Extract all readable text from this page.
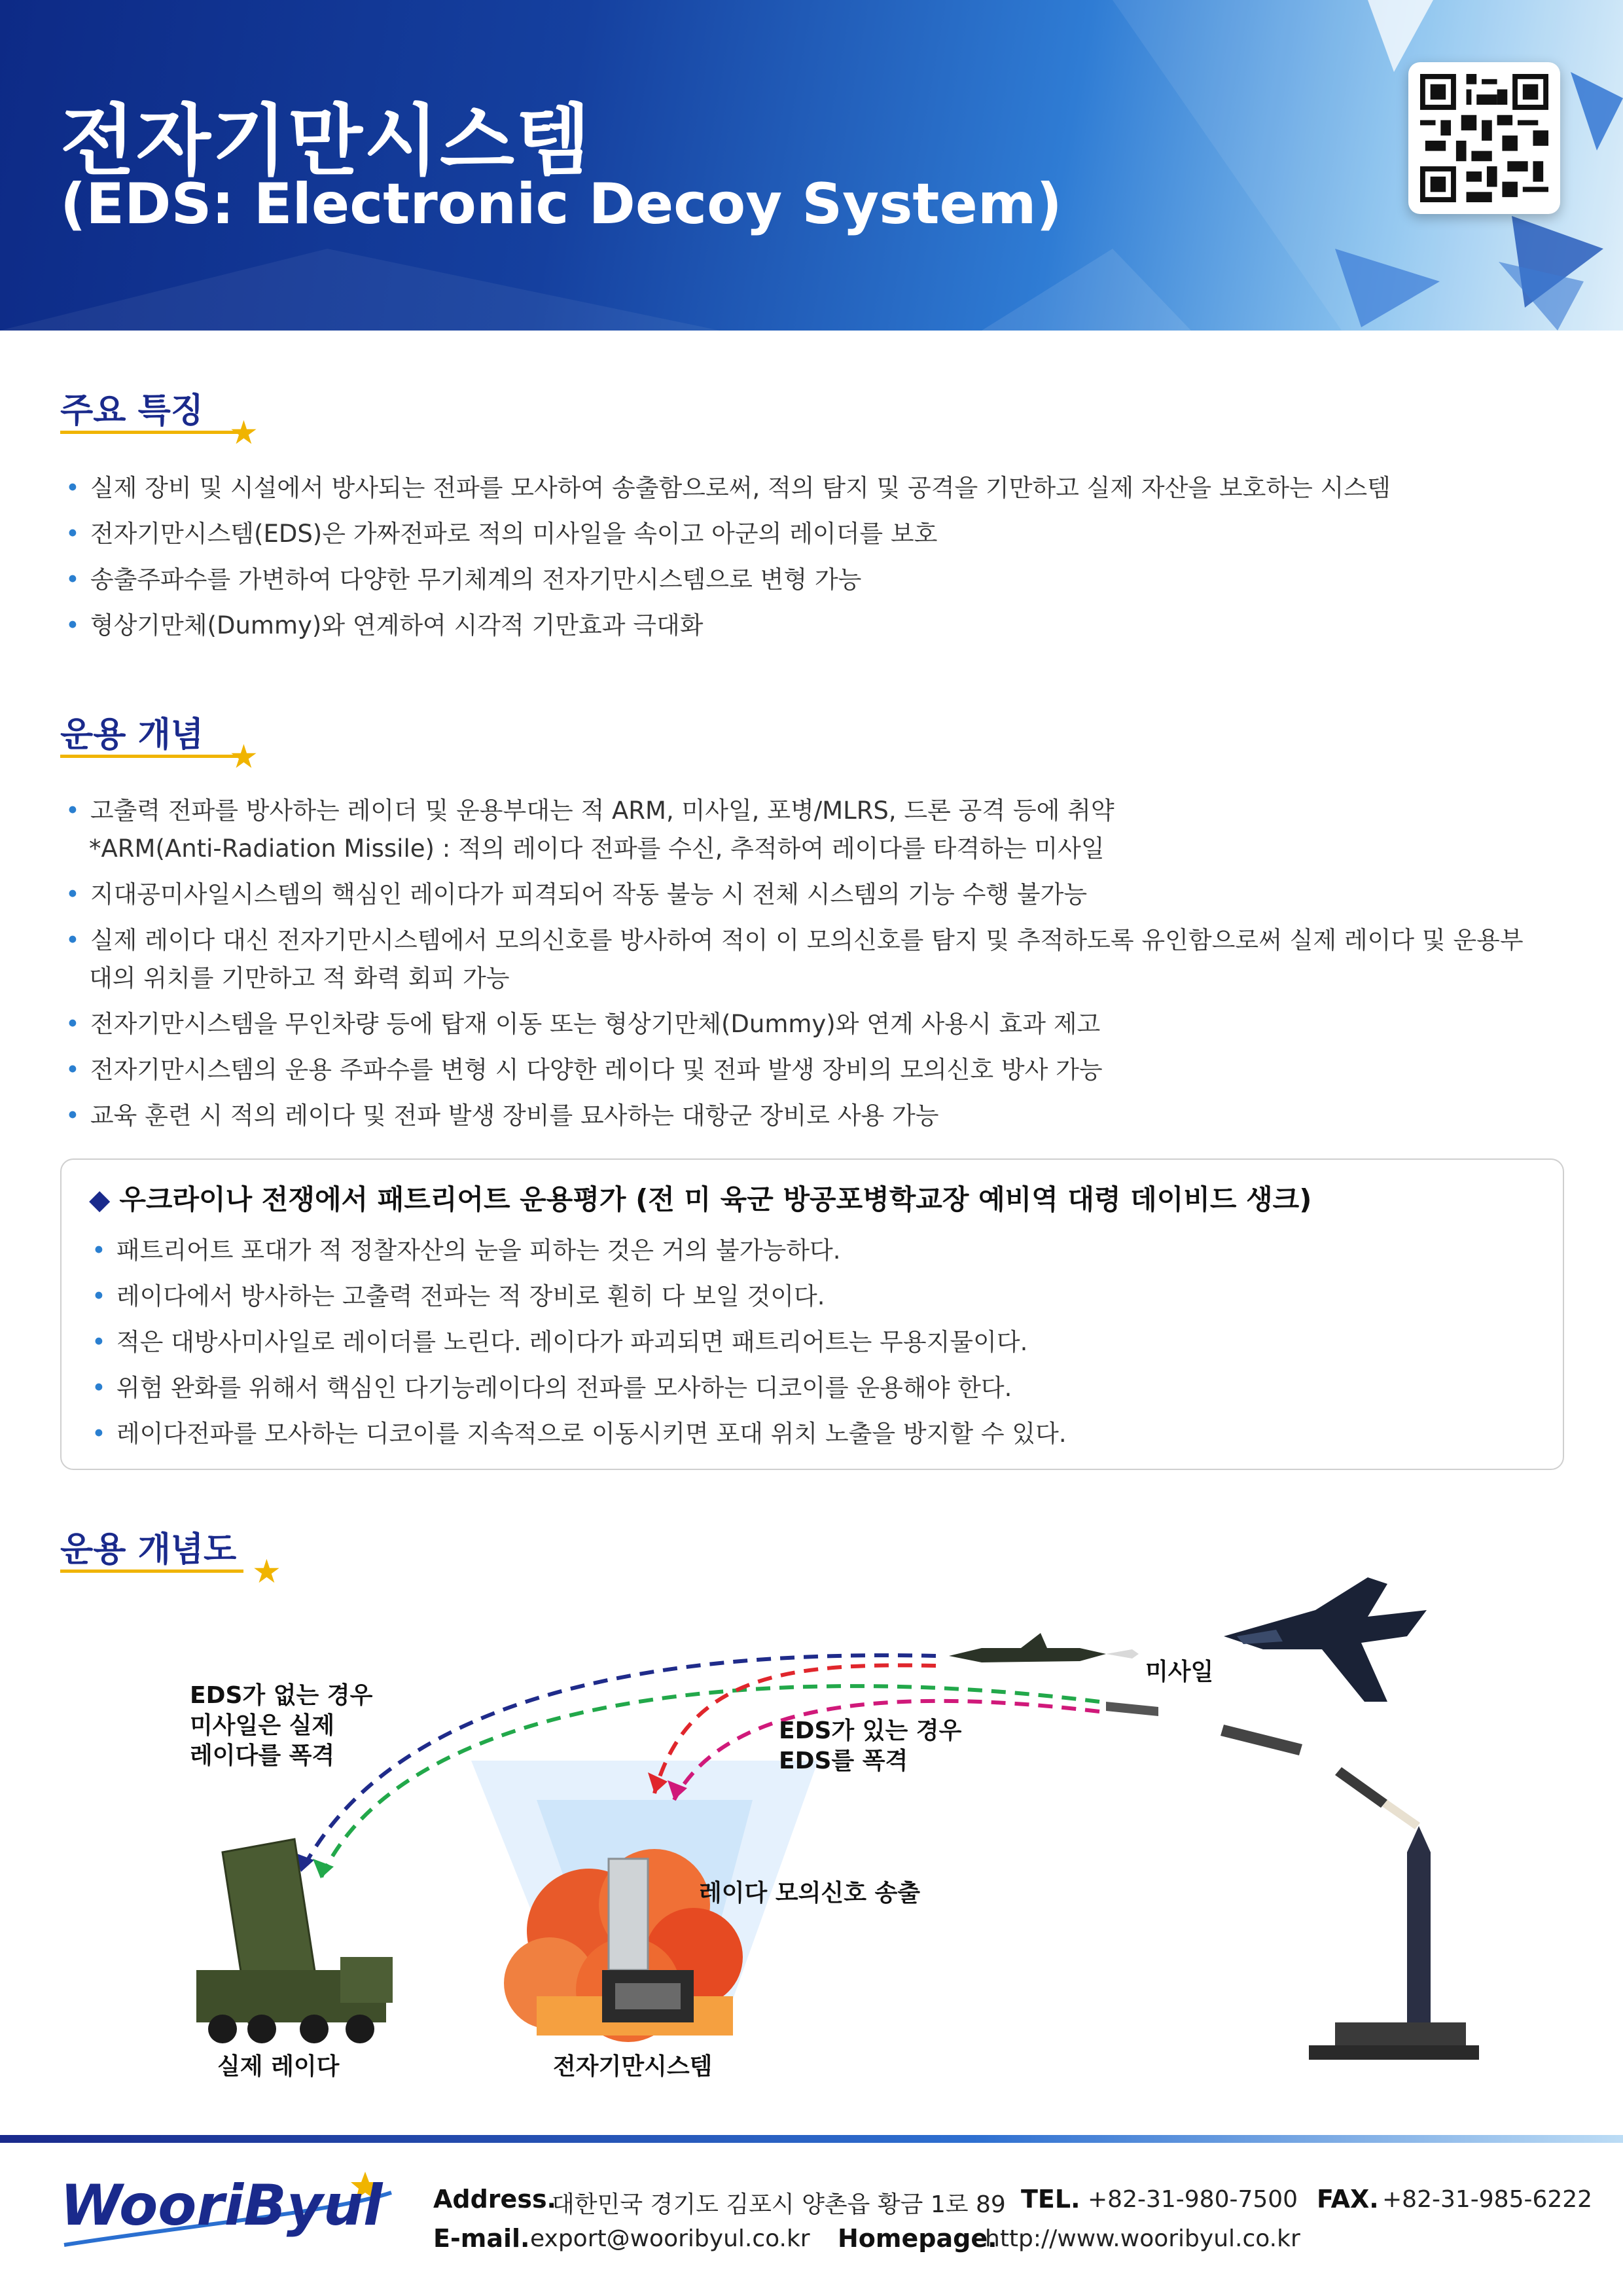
전자기만시스템
(EDS: Electronic Decoy System)
주요 특징
★
• 실제 장비 및 시설에서 방사되는 전파를 모사하여 송출함으로써, 적의 탐지 및 공격을 기만하고 실제 자산을 보호하는 시스템
• 전자기만시스템(EDS)은 가짜전파로 적의 미사일을 속이고 아군의 레이더를 보호
• 송출주파수를 가변하여 다양한 무기체계의 전자기만시스템으로 변형 가능
• 형상기만체(Dummy)와 연계하여 시각적 기만효과 극대화
운용 개념
★
• 고출력 전파를 방사하는 레이더 및 운용부대는 적 ARM, 미사일, 포병/MLRS, 드론 공격 등에 취약
*ARM(Anti-Radiation Missile) : 적의 레이다 전파를 수신, 추적하여 레이다를 타격하는 미사일
• 지대공미사일시스템의 핵심인 레이다가 피격되어 작동 불능 시 전체 시스템의 기능 수행 불가능
• 실제 레이다 대신 전자기만시스템에서 모의신호를 방사하여 적이 이 모의신호를 탐지 및 추적하도록 유인함으로써 실제 레이다 및 운용부
대의 위치를 기만하고 적 화력 회피 가능
• 전자기만시스템을 무인차량 등에 탑재 이동 또는 형상기만체(Dummy)와 연계 사용시 효과 제고
• 전자기만시스템의 운용 주파수를 변형 시 다양한 레이다 및 전파 발생 장비의 모의신호 방사 가능
• 교육 훈련 시 적의 레이다 및 전파 발생 장비를 묘사하는 대항군 장비로 사용 가능
◆ 우크라이나 전쟁에서 패트리어트 운용평가 (전 미 육군 방공포병학교장 예비역 대령 데이비드 생크)
• 패트리어트 포대가 적 정찰자산의 눈을 피하는 것은 거의 불가능하다.
• 레이다에서 방사하는 고출력 전파는 적 장비로 훤히 다 보일 것이다.
• 적은 대방사미사일로 레이더를 노린다. 레이다가 파괴되면 패트리어트는 무용지물이다.
• 위험 완화를 위해서 핵심인 다기능레이다의 전파를 모사하는 디코이를 운용해야 한다.
• 레이다전파를 모사하는 디코이를 지속적으로 이동시키면 포대 위치 노출을 방지할 수 있다.
운용 개념도
★
EDS가 없는 경우
미사일은 실제
레이다를 폭격
EDS가 있는 경우
EDS를 폭격
미사일
레이다 모의신호 송출
실제 레이다	전자기만시스템
WooriByul Address.
대한민국 경기도 김포시 양촌읍 황금 1로 89 TEL. +82-31-980-7500 FAX. +82-31-985-6222
E-mail. export@wooribyul.co.kr Homepage.
http://www.wooribyul.co.kr
